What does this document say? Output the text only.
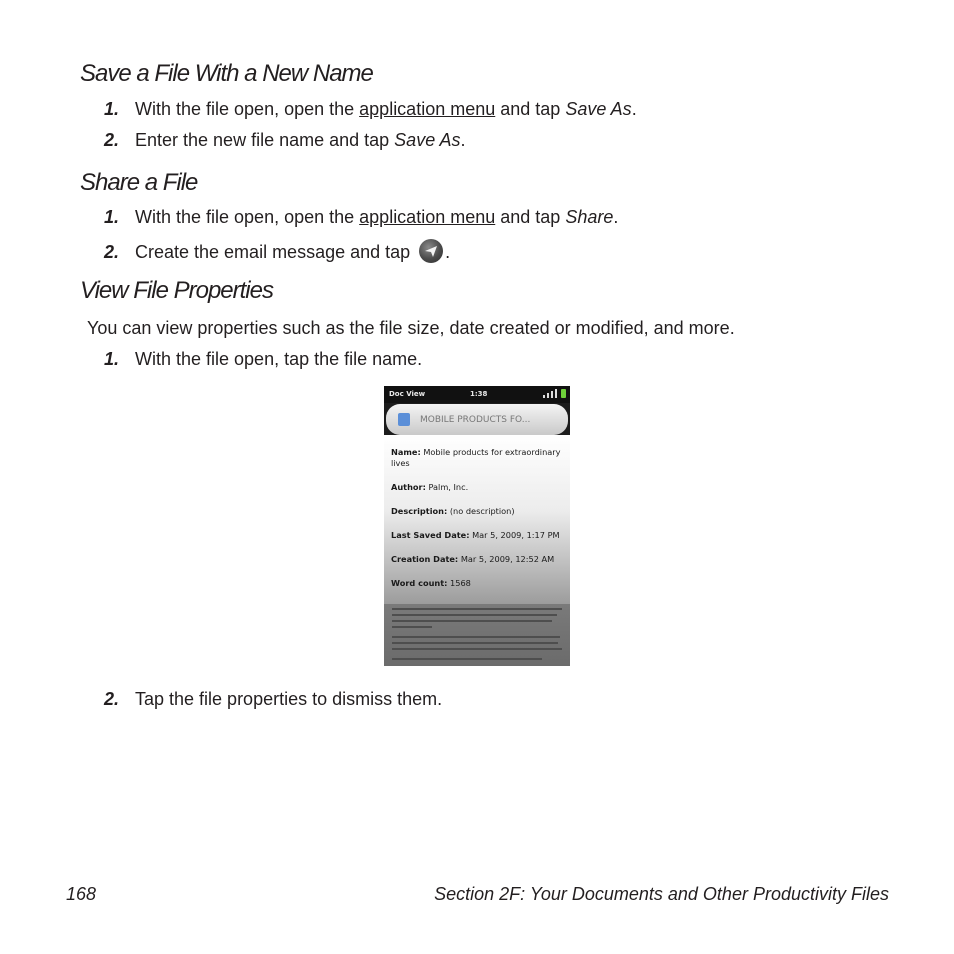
Save a File With a New Name
1. With the file open, open the application menu and tap Save As.
2. Enter the new file name and tap Save As.
Share a File
1. With the file open, open the application menu and tap Share.
2. Create the email message and tap
.
View File Properties
You can view properties such as the file size, date created or modified, and more.
1. With the file open, tap the file name.
Doc View	1:38
MOBILE PRODUCTS FO...
Name: Mobile products for extraordinary lives
Author: Palm, Inc.
Description: (no description)
Last Saved Date: Mar 5, 2009, 1:17 PM
Creation Date: Mar 5, 2009, 12:52 AM
Word count: 1568
2. Tap the file properties to dismiss them.
168	Section 2F: Your Documents and Other Productivity Files
